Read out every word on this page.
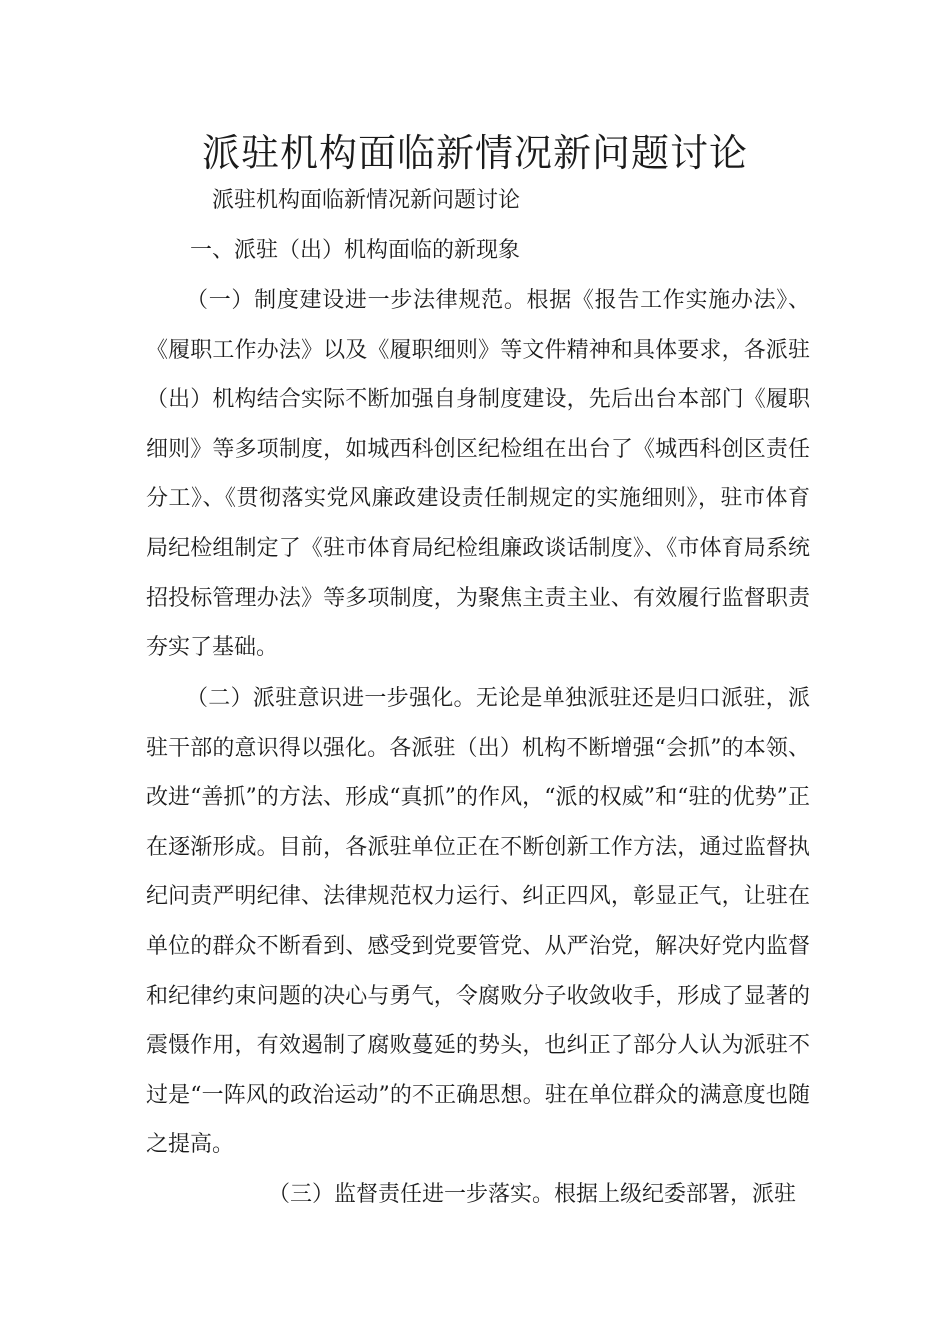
派驻机构面临新情况新问题讨论

派驻机构面临新情况新问题讨论

一、派驻（出）机构面临的新现象

（一）制度建设进一步法律规范。根据《报告工作实施办法》、《履职工作办法》以及《履职细则》等文件精神和具体要求，各派驻（出）机构结合实际不断加强自身制度建设，先后出台本部门《履职细则》等多项制度，如城西科创区纪检组在出台了《城西科创区责任分工》、《贯彻落实党风廉政建设责任制规定的实施细则》，驻市体育局纪检组制定了《驻市体育局纪检组廉政谈话制度》、《市体育局系统招投标管理办法》等多项制度，为聚焦主责主业、有效履行监督职责夯实了基础。

（二）派驻意识进一步强化。无论是单独派驻还是归口派驻，派驻干部的意识得以强化。各派驻（出）机构不断增强“会抓”的本领、改进“善抓”的方法、形成“真抓”的作风，“派的权威”和“驻的优势”正在逐渐形成。目前，各派驻单位正在不断创新工作方法，通过监督执纪问责严明纪律、法律规范权力运行、纠正四风，彰显正气，让驻在单位的群众不断看到、感受到党要管党、从严治党，解决好党内监督和纪律约束问题的决心与勇气，令腐败分子收敛收手，形成了显著的震慑作用，有效遏制了腐败蔓延的势头，也纠正了部分人认为派驻不过是“一阵风的政治运动”的不正确思想。驻在单位群众的满意度也随之提高。

（三）监督责任进一步落实。根据上级纪委部署，派驻
